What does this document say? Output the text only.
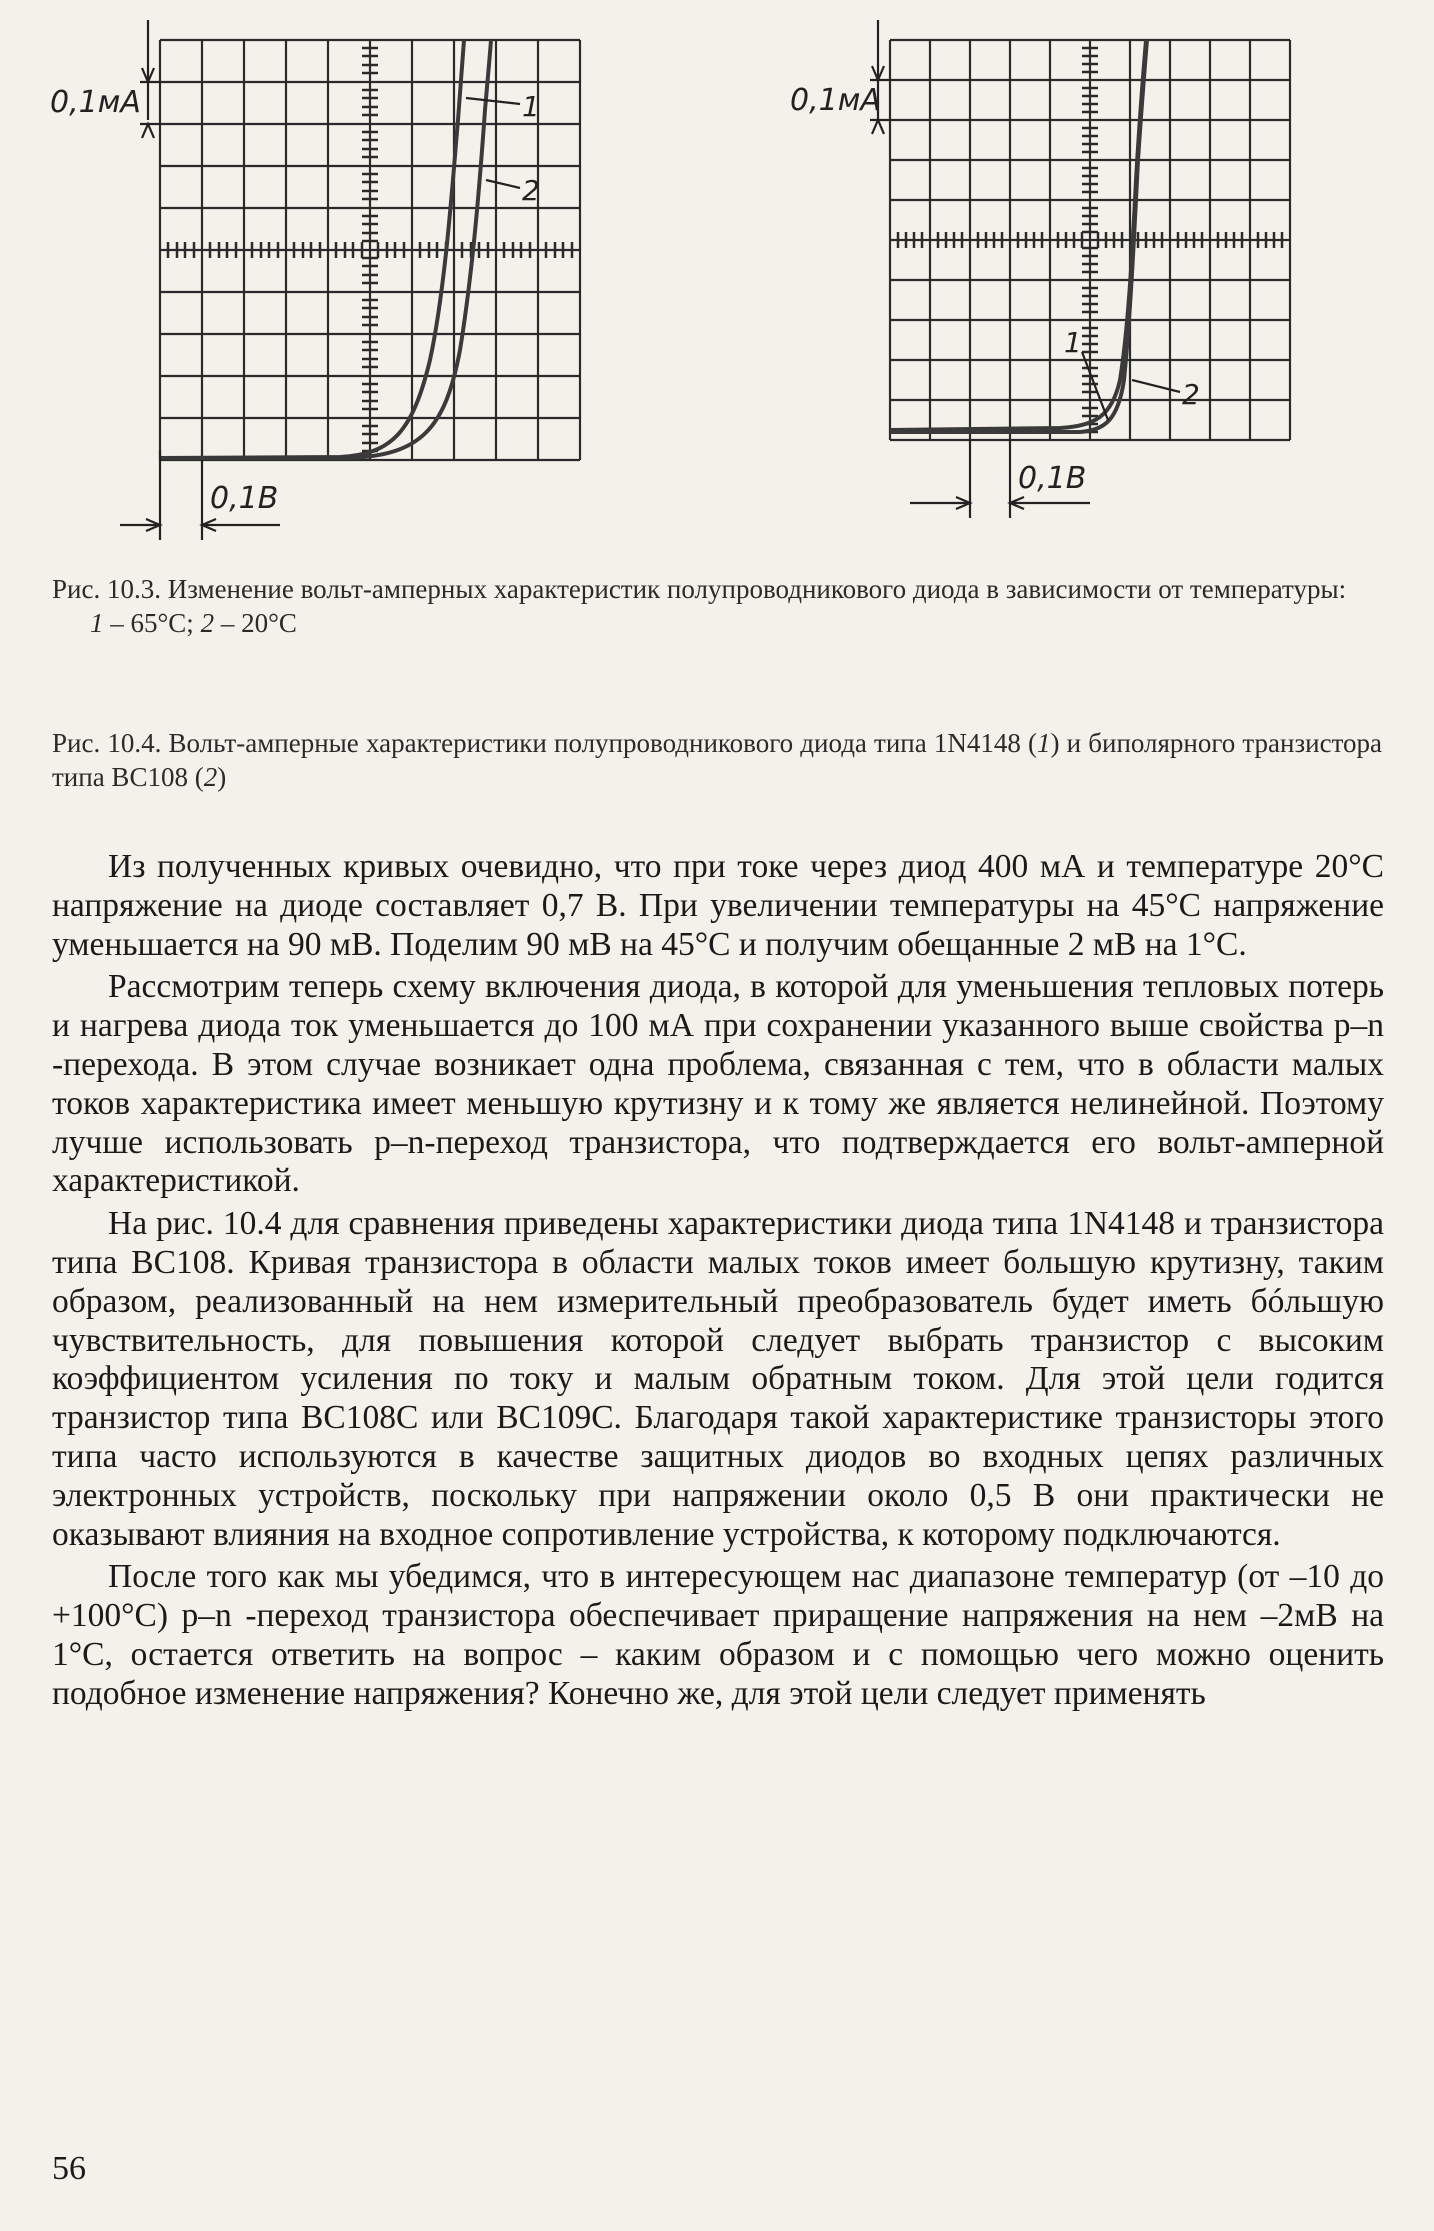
0,1мА
0,1В
1
2
0,1мА
0,1В
1
2
Рис. 10.3. Изменение вольт-амперных характеристик полупроводникового диода в зависимости от температуры:
1 – 65°С; 2 – 20°С
Рис. 10.4. Вольт-амперные характеристики полупроводникового диода типа 1N4148 (1) и биполярного транзистора типа ВС108 (2)

Из полученных кривых очевидно, что при токе через диод 400 мА и температуре 20°С напряжение на диоде составляет 0,7 В. При увеличении температуры на 45°С напряжение уменьшается на 90 мВ. Поделим 90 мВ на 45°С и получим обещанные 2 мВ на 1°С.

Рассмотрим теперь схему включения диода, в которой для уменьшения тепловых потерь и нагрева диода ток уменьшается до 100 мА при сохранении указанного выше свойства p–n -перехода. В этом случае возникает одна проблема, связанная с тем, что в области малых токов характеристика имеет меньшую крутизну и к тому же является нелинейной. Поэтому лучше использовать p–n-переход транзистора, что подтверждается его вольт-амперной характеристикой.

На рис. 10.4 для сравнения приведены характеристики диода типа 1N4148 и транзистора типа ВС108. Кривая транзистора в области малых токов имеет большую крутизну, таким образом, реализованный на нем измерительный преобразователь будет иметь бóльшую чувствительность, для повышения которой следует выбрать транзистор с высоким коэффициентом усиления по току и малым обратным током. Для этой цели годится транзистор типа ВС108С или ВС109С. Благодаря такой характеристике транзисторы этого типа часто используются в качестве защитных диодов во входных цепях различных электронных устройств, поскольку при напряжении около 0,5 В они практически не оказывают влияния на входное сопротивление устройства, к которому подключаются.

После того как мы убедимся, что в интересующем нас диапазоне температур (от –10 до +100°С) p–n -переход транзистора обеспечивает приращение напряжения на нем –2мВ на 1°С, остается ответить на вопрос – каким образом и с помощью чего можно оценить подобное изменение напряжения? Конечно же, для этой цели следует применять

56
